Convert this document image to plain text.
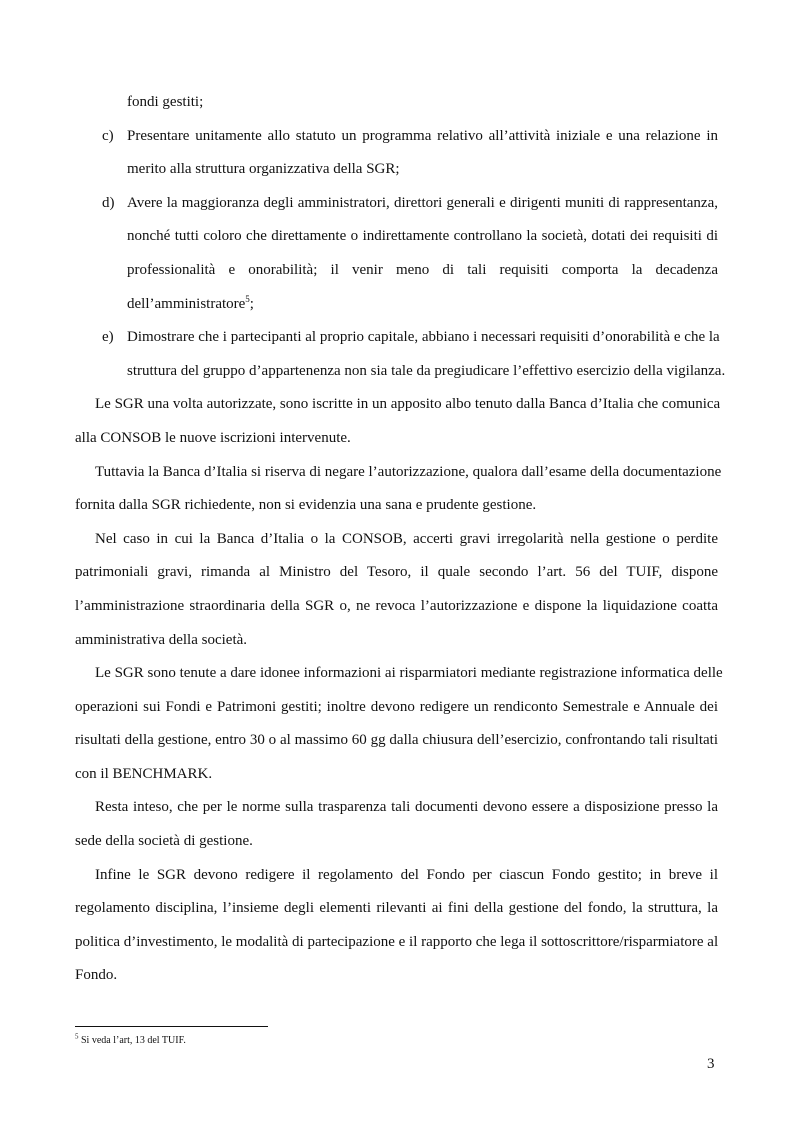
fondi gestiti;
c) Presentare unitamente allo statuto un programma relativo all’attività iniziale e una relazione in
merito alla struttura organizzativa della SGR;
d) Avere la maggioranza degli amministratori, direttori generali e dirigenti muniti di rappresentanza,
nonché tutti coloro che direttamente o indirettamente controllano la società, dotati dei requisiti di
professionalità e onorabilità; il venir meno di tali requisiti comporta la decadenza
dell’amministratore$^5$;
e) Dimostrare che i partecipanti al proprio capitale, abbiano i necessari requisiti d’onorabilità e che la
struttura del gruppo d’appartenenza non sia tale da pregiudicare l’effettivo esercizio della vigilanza.
Le SGR una volta autorizzate, sono iscritte in un apposito albo tenuto dalla Banca d’Italia che comunica
alla CONSOB le nuove iscrizioni intervenute.
Tuttavia la Banca d’Italia si riserva di negare l’autorizzazione, qualora dall’esame della documentazione
fornita dalla SGR richiedente, non si evidenzia una sana e prudente gestione.
Nel caso in cui la Banca d’Italia o la CONSOB, accerti gravi irregolarità nella gestione o perdite
patrimoniali gravi, rimanda al Ministro del Tesoro, il quale secondo l’art. 56 del TUIF, dispone
l’amministrazione straordinaria della SGR o, ne revoca l’autorizzazione e dispone la liquidazione coatta
amministrativa della società.
Le SGR sono tenute a dare idonee informazioni ai risparmiatori mediante registrazione informatica delle
operazioni sui Fondi e Patrimoni gestiti; inoltre devono redigere un rendiconto Semestrale e Annuale dei
risultati della gestione, entro 30 o al massimo 60 gg dalla chiusura dell’esercizio, confrontando tali risultati
con il BENCHMARK.
Resta inteso, che per le norme sulla trasparenza tali documenti devono essere a disposizione presso la
sede della società di gestione.
Infine le SGR devono redigere il regolamento del Fondo per ciascun Fondo gestito; in breve il
regolamento disciplina, l’insieme degli elementi rilevanti ai fini della gestione del fondo, la struttura, la
politica d’investimento, le modalità di partecipazione e il rapporto che lega il sottoscrittore/risparmiatore al
Fondo.
$^5$ Si veda l’art, 13 del TUIF.
3
